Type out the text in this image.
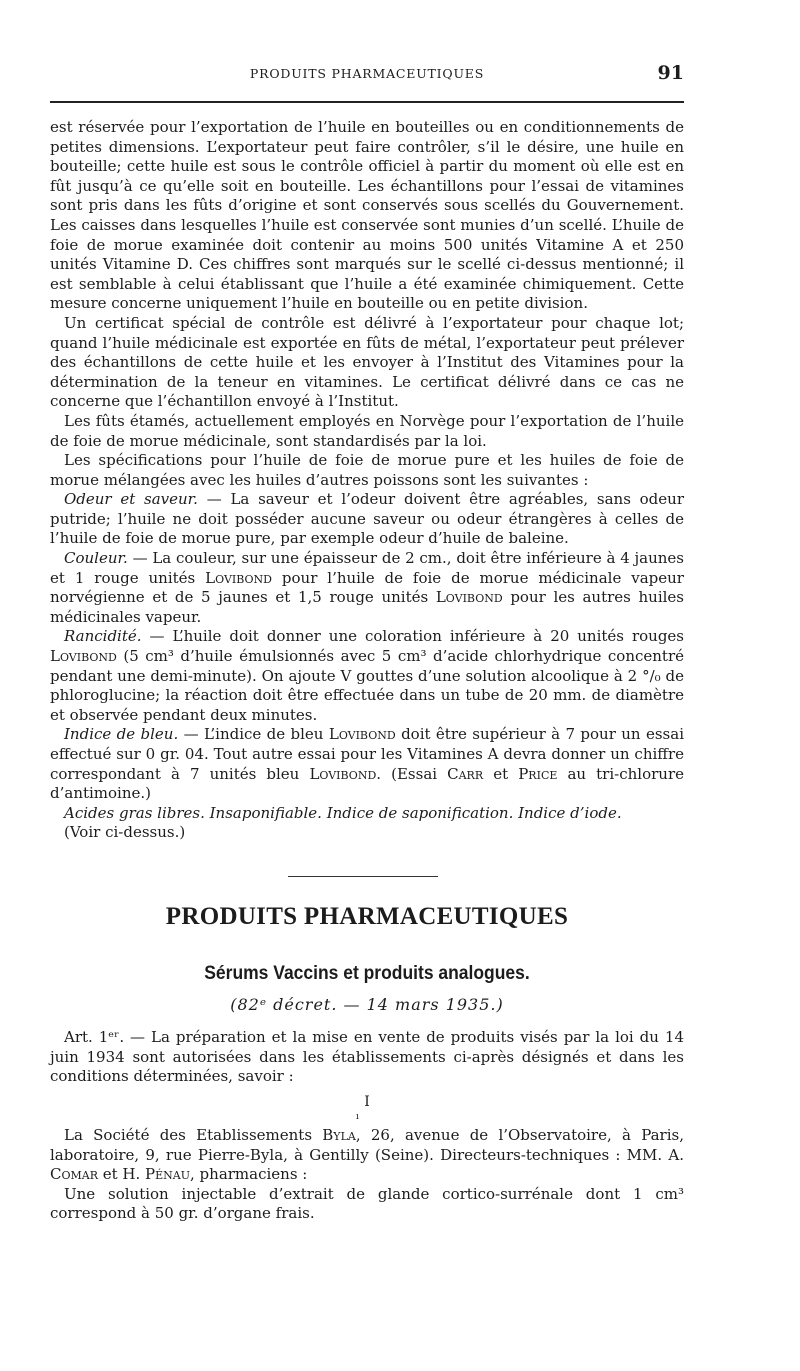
PRODUITS PHARMACEUTIQUES	91

est réservée pour l’exportation de l’huile en bouteilles ou en conditionnements de petites dimensions. L’exportateur peut faire contrôler, s’il le désire, une huile en bouteille; cette huile est sous le contrôle officiel à partir du moment où elle est en fût jusqu’à ce qu’elle soit en bouteille. Les échantillons pour l’essai de vitamines sont pris dans les fûts d’origine et sont conservés sous scellés du Gouvernement. Les caisses dans lesquelles l’huile est conservée sont munies d’un scellé. L’huile de foie de morue examinée doit contenir au moins 500 unités Vitamine A et 250 unités Vitamine D. Ces chiffres sont marqués sur le scellé ci-dessus mentionné; il est semblable à celui établissant que l’huile a été examinée chimiquement. Cette mesure concerne uniquement l’huile en bouteille ou en petite division.

Un certificat spécial de contrôle est délivré à l’exportateur pour chaque lot; quand l’huile médicinale est exportée en fûts de métal, l’exportateur peut prélever des échantillons de cette huile et les envoyer à l’Institut des Vitamines pour la détermination de la teneur en vitamines. Le certificat délivré dans ce cas ne concerne que l’échantillon envoyé à l’Institut.

Les fûts étamés, actuellement employés en Norvège pour l’exportation de l’huile de foie de morue médicinale, sont standardisés par la loi.

Les spécifications pour l’huile de foie de morue pure et les huiles de foie de morue mélangées avec les huiles d’autres poissons sont les suivantes :

Odeur et saveur. — La saveur et l’odeur doivent être agréables, sans odeur putride; l’huile ne doit posséder aucune saveur ou odeur étrangères à celles de l’huile de foie de morue pure, par exemple odeur d’huile de baleine.

Couleur. — La couleur, sur une épaisseur de 2 cm., doit être inférieure à 4 jaunes et 1 rouge unités Lovibond pour l’huile de foie de morue médicinale vapeur norvégienne et de 5 jaunes et 1,5 rouge unités Lovibond pour les autres huiles médicinales vapeur.

Rancidité. — L’huile doit donner une coloration inférieure à 20 unités rouges Lovibond (5 cm³ d’huile émulsionnés avec 5 cm³ d’acide chlorhydrique concentré pendant une demi-minute). On ajoute V gouttes d’une solution alcoolique à 2 °/₀ de phloroglucine; la réaction doit être effectuée dans un tube de 20 mm. de diamètre et observée pendant deux minutes.

Indice de bleu. — L’indice de bleu Lovibond doit être supérieur à 7 pour un essai effectué sur 0 gr. 04. Tout autre essai pour les Vitamines A devra donner un chiffre correspondant à 7 unités bleu Lovibond. (Essai Carr et Price au tri-chlorure d’antimoine.)

Acides gras libres. Insaponifiable. Indice de saponification. Indice d’iode.

(Voir ci-dessus.)

PRODUITS PHARMACEUTIQUES
Sérums Vaccins et produits analogues.
(82ᵉ décret. — 14 mars 1935.)

Art. 1ᵉʳ. — La préparation et la mise en vente de produits visés par la loi du 14 juin 1934 sont autorisées dans les établissements ci-après désignés et dans les conditions déterminées, savoir :

I
ı

La Société des Etablissements Byla, 26, avenue de l’Observatoire, à Paris, laboratoire, 9, rue Pierre-Byla, à Gentilly (Seine). Directeurs-techniques : MM. A. Comar et H. Pénau, pharmaciens :

Une solution injectable d’extrait de glande cortico-surrénale dont 1 cm³ correspond à 50 gr. d’organe frais.
